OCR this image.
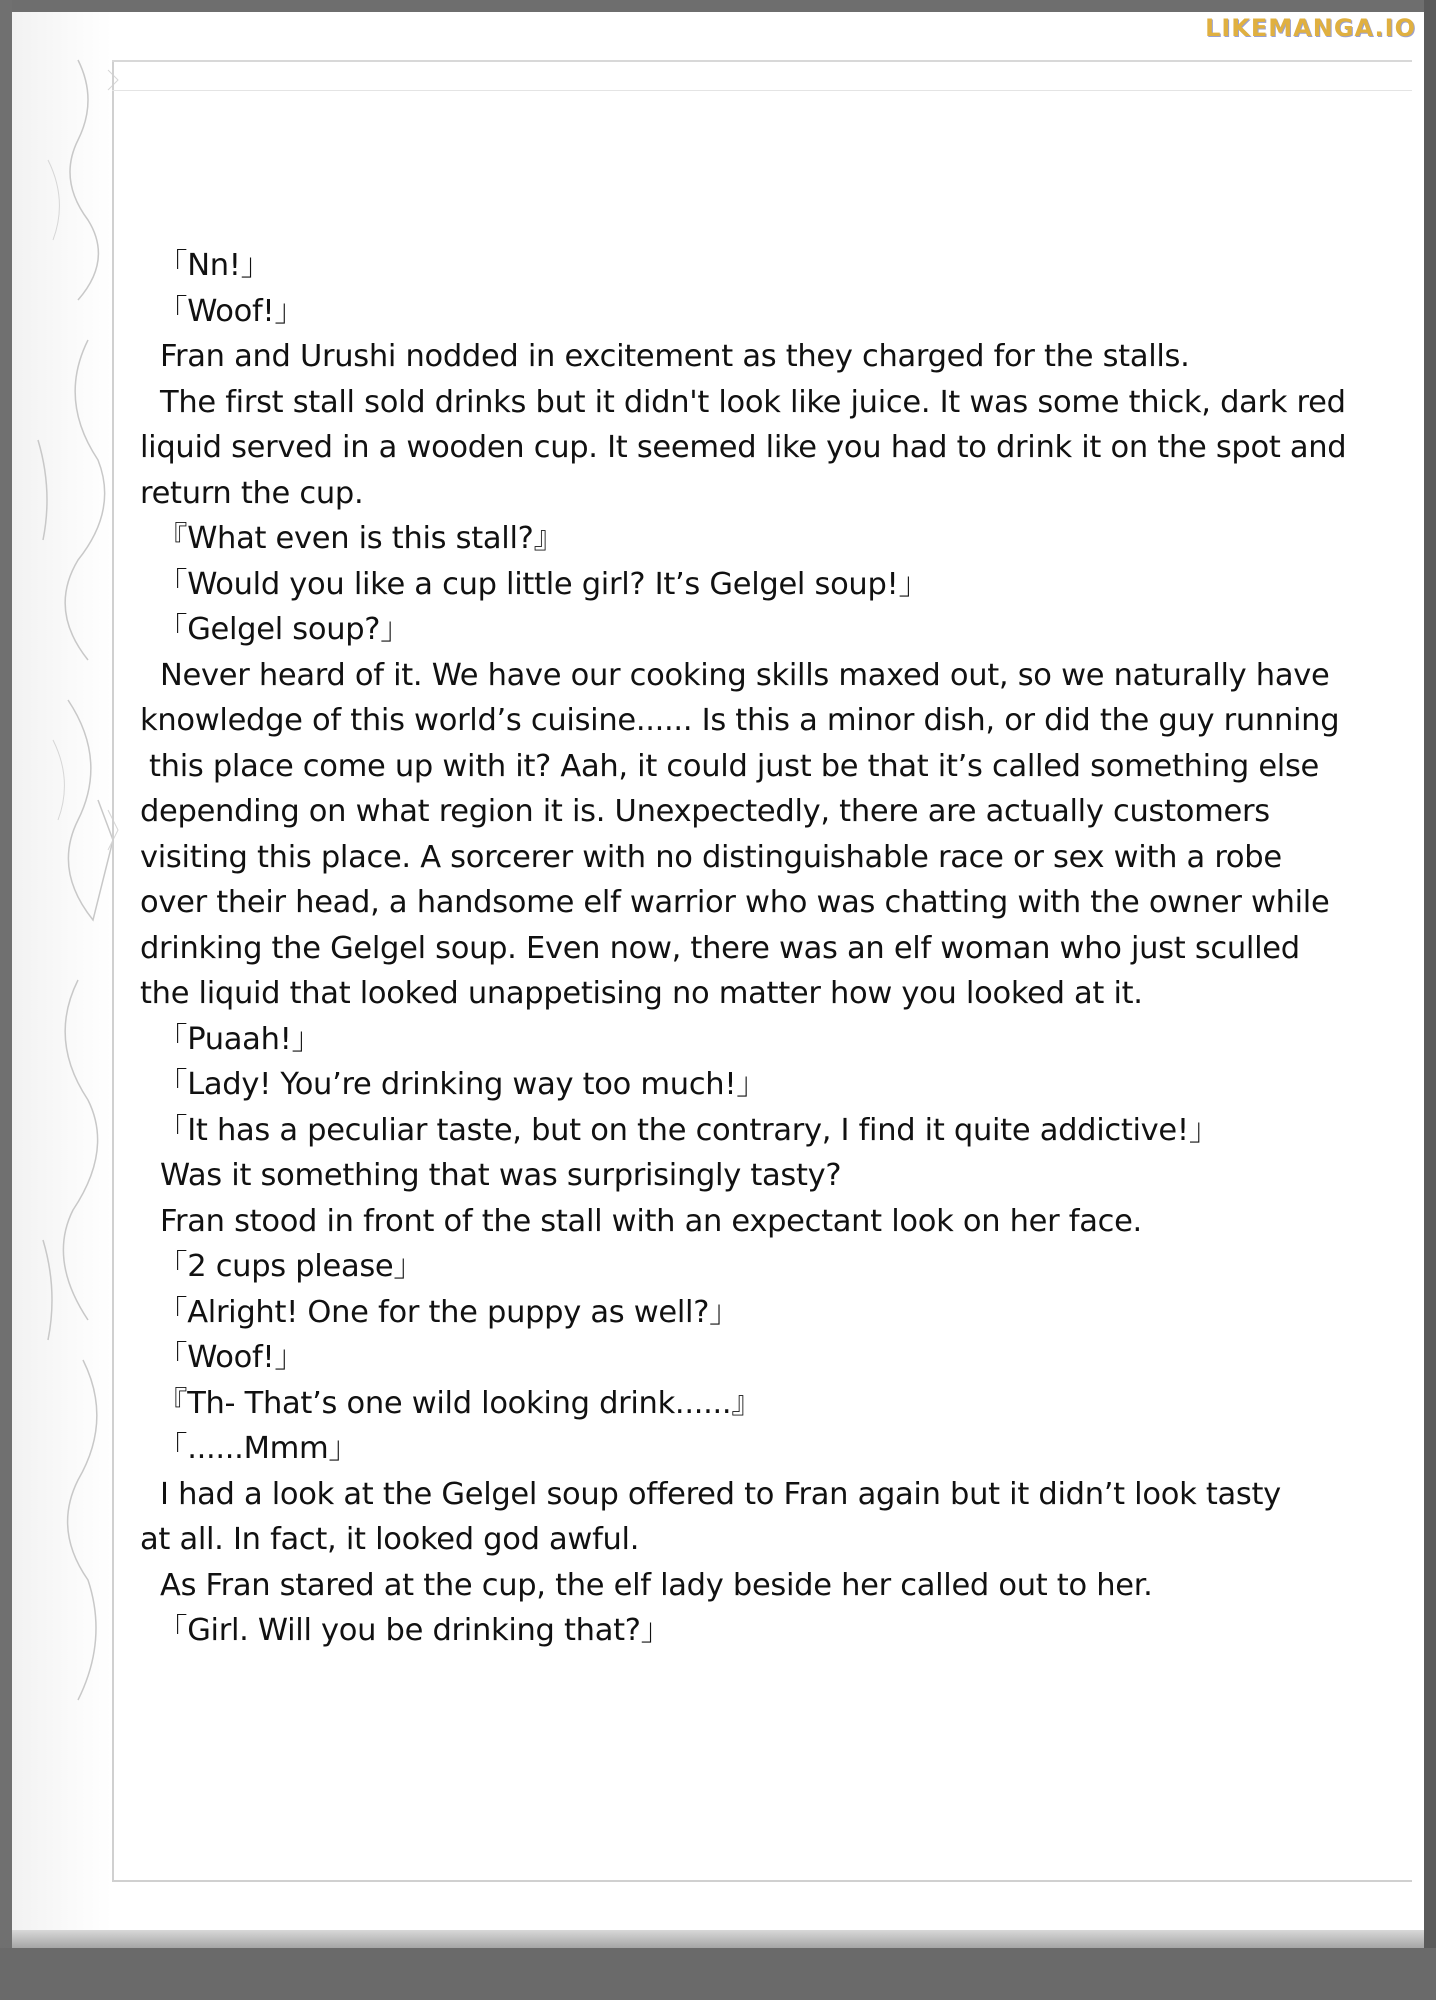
LIKEMANGA.IO

「Nn!」

「Woof!」

Fran and Urushi nodded in excitement as they charged for the stalls.

The first stall sold drinks but it didn't look like juice. It was some thick, dark red

liquid served in a wooden cup. It seemed like you had to drink it on the spot and

return the cup.

『What even is this stall?』

「Would you like a cup little girl? It’s Gelgel soup!」

「Gelgel soup?」

Never heard of it. We have our cooking skills maxed out, so we naturally have

knowledge of this world’s cuisine...... Is this a minor dish, or did the guy running

this place come up with it? Aah, it could just be that it’s called something else

depending on what region it is. Unexpectedly, there are actually customers

visiting this place. A sorcerer with no distinguishable race or sex with a robe

over their head, a handsome elf warrior who was chatting with the owner while

drinking the Gelgel soup. Even now, there was an elf woman who just sculled

the liquid that looked unappetising no matter how you looked at it.

「Puaah!」

「Lady! You’re drinking way too much!」

「It has a peculiar taste, but on the contrary, I find it quite addictive!」

Was it something that was surprisingly tasty?

Fran stood in front of the stall with an expectant look on her face.

「2 cups please」

「Alright! One for the puppy as well?」

「Woof!」

『Th- That’s one wild looking drink......』

「......Mmm」

I had a look at the Gelgel soup offered to Fran again but it didn’t look tasty

at all. In fact, it looked god awful.

As Fran stared at the cup, the elf lady beside her called out to her.

「Girl. Will you be drinking that?」
